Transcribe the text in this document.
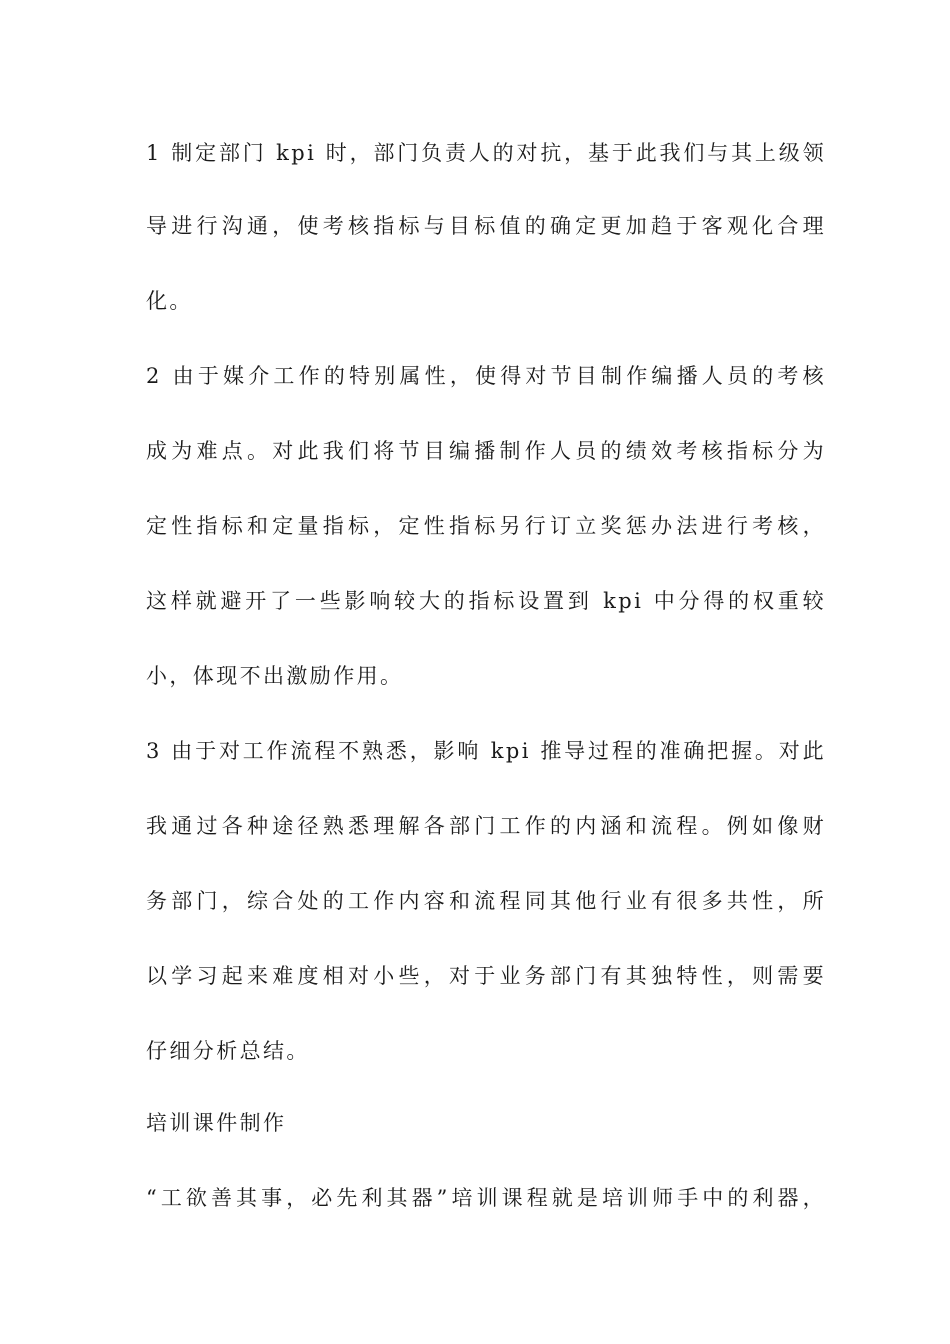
1 制定部门 kpi 时，部门负责人的对抗，基于此我们与其上级领
导进行沟通，使考核指标与目标值的确定更加趋于客观化合理
化。
2 由于媒介工作的特别属性，使得对节目制作编播人员的考核
成为难点。对此我们将节目编播制作人员的绩效考核指标分为
定性指标和定量指标，定性指标另行订立奖惩办法进行考核，
这样就避开了一些影响较大的指标设置到 kpi 中分得的权重较
小，体现不出激励作用。
3 由于对工作流程不熟悉，影响 kpi 推导过程的准确把握。对此
我通过各种途径熟悉理解各部门工作的内涵和流程。例如像财
务部门，综合处的工作内容和流程同其他行业有很多共性，所
以学习起来难度相对小些，对于业务部门有其独特性，则需要
仔细分析总结。
培训课件制作
“工欲善其事，必先利其器”培训课程就是培训师手中的利器，
